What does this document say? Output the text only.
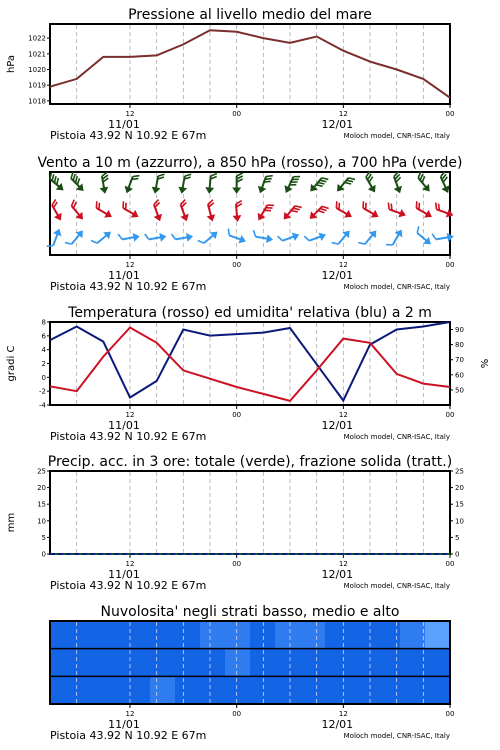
Pressione al livello medio del mare
12	00	12	00
11/01	12/01
Pistoia 43.92 N 10.92 E 67m	Moloch model, CNR-ISAC, Italy
1018
1019
1020
1021
1022
hPa
Vento a 10 m (azzurro), a 850 hPa (rosso), a 700 hPa (verde)
12	00	12	00
11/01	12/01
Pistoia 43.92 N 10.92 E 67m	Moloch model, CNR-ISAC, Italy
Temperatura (rosso) ed umidita' relativa (blu) a 2 m
12	00	12	00
11/01	12/01
Pistoia 43.92 N 10.92 E 67m	Moloch model, CNR-ISAC, Italy
-4
-2
0
2
4
6
8
50
60
70
80
90
gradi C	%
Precip. acc. in 3 ore: totale (verde), frazione solida (tratt.)
12	00	12	00
11/01	12/01
Pistoia 43.92 N 10.92 E 67m	Moloch model, CNR-ISAC, Italy
0
5
10
15
20
25
0
5
10
15
20
25
mm
Nuvolosita' negli strati basso, medio e alto
12	00	12	00
11/01	12/01
Pistoia 43.92 N 10.92 E 67m	Moloch model, CNR-ISAC, Italy
